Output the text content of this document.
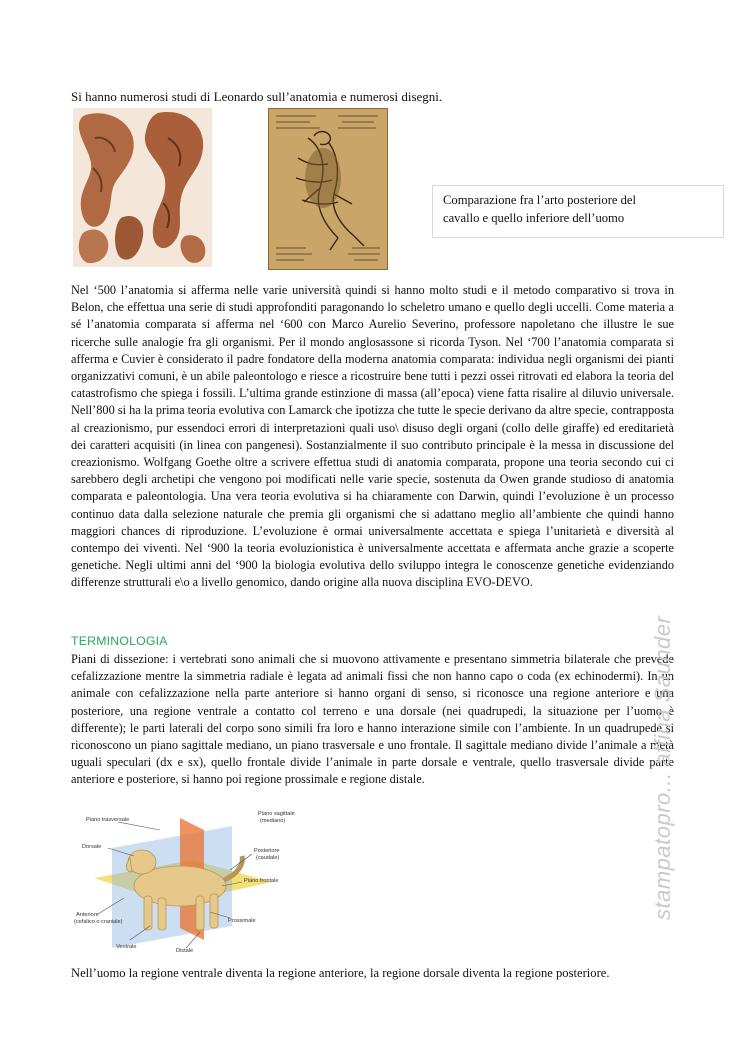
Si hanno numerosi studi di Leonardo sull’anatomia e numerosi disegni.
Comparazione fra l’arto posteriore del
cavallo e quello inferiore dell’uomo

Nel ‘500 l’anatomia si afferma nelle varie università quindi si hanno molto studi e il metodo comparativo si trova in Belon, che effettua una serie di studi approfonditi paragonando lo scheletro umano e quello degli uccelli. Come materia a sé l’anatomia comparata si afferma nel ‘600 con Marco Aurelio Severino, professore napoletano che illustre le sue ricerche sulle analogie fra gli organismi. Per il mondo anglosassone si ricorda Tyson. Nel ‘700 l’anatomia comparata si afferma e Cuvier è considerato il padre fondatore della moderna anatomia comparata: individua negli organismi dei pianti organizzativi comuni, è un abile paleontologo e riesce a ricostruire bene tutti i pezzi ossei ritrovati ed elabora la teoria del catastrofismo che spiega i fossili. L’ultima grande estinzione di massa (all’epoca) viene fatta risalire al diluvio universale. Nell’800 si ha la prima teoria evolutiva con Lamarck che ipotizza che tutte le specie derivano da altre specie, contrapposta al creazionismo, pur essendoci errori di interpretazioni quali uso\ disuso degli organi (collo delle giraffe) ed ereditarietà dei caratteri acquisiti (in linea con pangenesi). Sostanzialmente il suo contributo principale è la messa in discussione del creazionismo. Wolfgang Goethe oltre a scrivere effettua studi di anatomia comparata, propone una teoria secondo cui ci sarebbero degli archetipi che vengono poi modificati nelle varie specie, sostenuta da Owen grande studioso di anatomia comparata e paleontologia. Una vera teoria evolutiva si ha chiaramente con Darwin, quindi l’evoluzione è un processo continuo data dalla selezione naturale che premia gli organismi che si adattano meglio all’ambiente che quindi hanno maggiori chances di riproduzione. L’evoluzione è ormai universalmente accettata e spiega l’unitarietà e diversità al contempo dei viventi. Nel ‘900 la teoria evoluzionistica è universalmente accettata e affermata anche grazie a scoperte genetiche. Negli ultimi anni del ‘900 la biologia evolutiva dello sviluppo integra le conoscenze genetiche evidenziando differenze strutturali e\o a livello genomico, dando origine alla nuova disciplina EVO-DEVO.

TERMINOLOGIA

Piani di dissezione: i vertebrati sono animali che si muovono attivamente e presentano simmetria bilaterale che prevede cefalizzazione mentre la simmetria radiale è legata ad animali fissi che non hanno capo o coda (ex echinodermi). In un animale con cefalizzazione nella parte anteriore si hanno organi di senso, si riconosce una regione anteriore e una posteriore, una regione ventrale a contatto col terreno e una dorsale (nei quadrupedi, la situazione per l’uomo è differente); le parti laterali del corpo sono simili fra loro e hanno interazione simile con l’ambiente. In un quadrupede si riconoscono un piano sagittale mediano, un piano trasversale e uno frontale. Il sagittale mediano divide l’animale a metà uguali speculari (dx e sx), quello frontale divide l’animale in parte dorsale e ventrale, quello trasversale divide parte anteriore e posteriore, si hanno poi regione prossimale e regione distale.

Piano trasversale
Piano sagittale
(mediano)
Dorsale
Posteriore
(caudale)
Piano frontale
Anteriore
(cefalico o craniale)	Prossimale
Ventrale
Distale
Nell’uomo la regione ventrale diventa la regione anteriore, la regione dorsale diventa la regione posteriore.
stampatopro... affina Saunder
